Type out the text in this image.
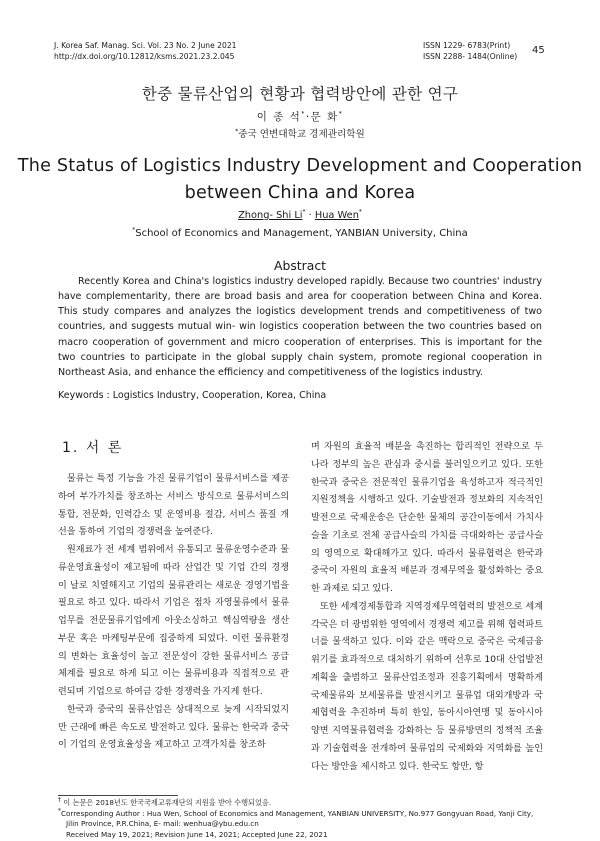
J. Korea Saf. Manag. Sci. Vol. 23 No. 2 June 2021
http://dx.doi.org/10.12812/ksms.2021.23.2.045
ISSN 1229- 6783(Print)
ISSN 2288- 1484(Online) 45
한중 물류산업의 현황과 협력방안에 관한 연구
이 종 석*·문 화*
*중국 연변대학교 경제관리학원
The Status of Logistics Industry Development and Cooperation
between China and Korea
Zhong- Shi Li* · Hua Wen*
*School of Economics and Management, YANBIAN University, China
Abstract

Recently Korea and China's logistics industry developed rapidly. Because two countries' industry have complementarity, there are broad basis and area for cooperation between China and Korea. This study compares and analyzes the logistics development trends and competitiveness of two countries, and suggests mutual win- win logistics cooperation between the two countries based on macro cooperation of government and micro cooperation of enterprises. This is important for the two countries to participate in the global supply chain system, promote regional cooperation in Northeast Asia, and enhance the efficiency and competitiveness of the logistics industry.

Keywords : Logistics Industry, Cooperation, Korea, China
1. 서 론

물류는 특정 기능을 가진 물류기업이 물류서비스를 제공하여 부가가치를 창조하는 서비스 방식으로 물류서비스의 통합, 전문화, 인력감소 및 운영비용 절감, 서비스 품질 개선을 통하여 기업의 경쟁력을 높여준다.

원재료가 전 세계 범위에서 유통되고 물류운영수준과 물류운영효율성이 제고됨에 따라 산업간 및 기업 간의 경쟁이 날로 치열해지고 기업의 물류관리는 새로운 경영기법을 필요로 하고 있다. 따라서 기업은 점차 자영물류에서 물류업무를 전문물류기업에게 아웃소싱하고 핵심역량을 생산부문 혹은 마케팅부문에 집중하게 되었다. 이런 물류환경의 변화는 효율성이 높고 전문성이 강한 물류서비스 공급체계를 필요로 하게 되고 이는 물류비용과 직접적으로 관련되며 기업으로 하여금 강한 경쟁력을 가지게 한다.

한국과 중국의 물류산업은 상대적으로 늦게 시작되었지만 근래에 빠른 속도로 발전하고 있다. 물류는 한국과 중국이 기업의 운영효율성을 제고하고 고객가치를 창조하

며 자원의 효율적 배분을 촉진하는 합리적인 전략으로 두 나라 정부의 높은 관심과 중시를 불러일으키고 있다. 또한 한국과 중국은 전문적인 물류기업을 육성하고자 적극적인 지원정책을 시행하고 있다. 기술발전과 정보화의 지속적인 발전으로 국제운송은 단순한 물체의 공간이동에서 가치사슬을 기초로 전체 공급사슬의 가치를 극대화하는 공급사슬의 영역으로 확대해가고 있다. 따라서 물류협력은 한국과 중국이 자원의 효율적 배분과 경제무역을 활성화하는 중요한 과제로 되고 있다.

또한 세계경제통합과 지역경제무역협력의 발전으로 세계 각국은 더 광범위한 영역에서 경쟁력 제고를 위해 협력파트너를 물색하고 있다. 이와 같은 맥락으로 중국은 국제금융위기를 효과적으로 대처하기 위하여 선후로 10대 산업발전계획을 출범하고 물류산업조정과 진흥기획에서 명확하게 국제물류와 보세물류를 발전시키고 물류업 대외개방과 국제협력을 추진하며 특히 한일, 동아시아연맹 및 동아시아 양변 지역물류협력을 강화하는 등 물류방면의 정책적 조율과 기술협력을 전개하여 물류업의 국제화와 지역화를 높인다는 방안을 제시하고 있다. 한국도 항만, 항

† 이 논문은 2018년도 한국국제교류재단의 지원을 받아 수행되었음.
*Corresponding Author : Hua Wen, School of Economics and Management, YANBIAN UNIVERSITY, No.977 Gongyuan Road, Yanji City,
Jilin Province, P.R.China, E- mail: wenhua@ybu.edu.cn
Received May 19, 2021; Revision June 14, 2021; Accepted June 22, 2021
